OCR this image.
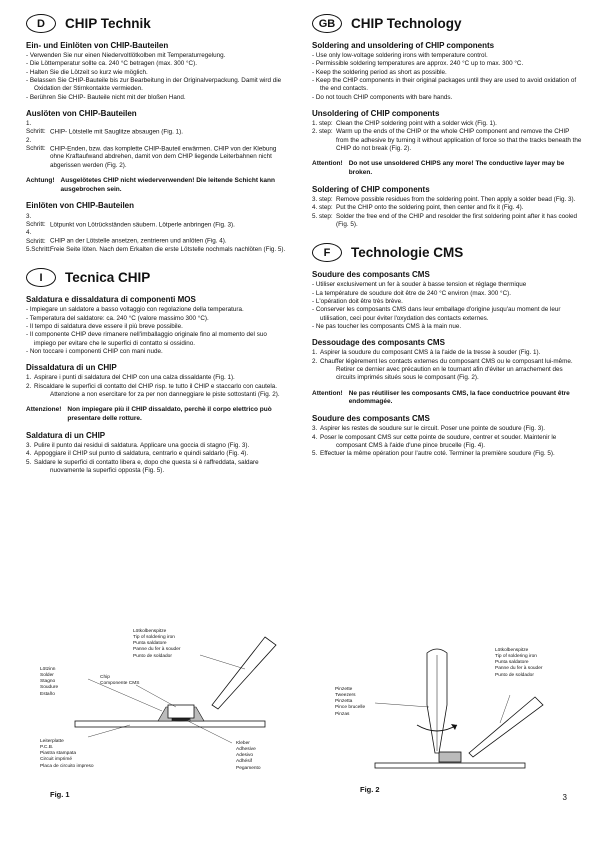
D	CHIP Technik
Ein- und Einlöten von CHIP-Bauteilen
- Verwenden Sie nur einen Niedervoltlötkolben mit Temperaturregelung.
- Die Löttemperatur sollte ca. 240 °C betragen (max. 300 °C).
- Halten Sie die Lötzeit so kurz wie möglich.
- Belassen Sie CHIP-Bauteile bis zur Bearbeitung in der Originalverpackung. Damit wird die Oxidation der Stirnkontakte vermieden.
- Berühren Sie CHIP- Bauteile nicht mit der bloßen Hand.
Auslöten von CHIP-Bauteilen
1. Schritt: CHIP- Lötstelle mit Sauglitze absaugen (Fig. 1).
2. Schritt: CHIP-Enden, bzw. das komplette CHIP-Bauteil erwärmen. CHIP von der Klebung ohne Kraftaufwand abdrehen, damit von dem CHIP liegende Leiterbahnen nicht abgerissen werden (Fig. 2).
Achtung! Ausgelötetes CHIP nicht wiederverwenden! Die leitende Schicht kann ausgebrochen sein.
Einlöten von CHIP-Bauteilen
3. Schritt: Lötpunkt von Lötrückständen säubern. Lötperle anbringen (Fig. 3).
4. Schritt: CHIP an der Lötstelle ansetzen, zentrieren und anlöten (Fig. 4).
5.Schritt:Freie Seite löten. Nach dem Erkalten die erste Lötstelle nochmals nachlöten (Fig. 5).
I	Tecnica CHIP
Saldatura e dissaldatura di componenti MOS
- Impiegare un saldatore a basso voltaggio con regolazione della temperatura.
- Temperatura del saldatore: ca. 240 °C (valore massimo 300 °C).
- Il tempo di saldatura deve essere il più breve possibile.
- Il componente CHIP deve rimanere nell'imballaggio originale fino al momento del suo impiego per evitare che le superfici di contatto si ossidino.
- Non toccare i componenti CHIP con mani nude.
Dissaldatura di un CHIP
1. Aspirare i punti di saldatura del CHIP con una calza dissaldante (Fig. 1).
2. Riscaldare le superfici di contatto del CHIP risp. te tutto il CHIP e staccarlo con cautela. Attenzione a non esercitare for za per non danneggiare le piste sottostanti (Fig. 2).
Attenzione! Non impiegare più il CHIP dissaldato, perchè il corpo elettrico può presentare delle rotture.
Saldatura di un CHIP
3. Pulire il punto dai residui di saldatura. Applicare una goccia di stagno (Fig. 3).
4. Appoggiare il CHIP sul punto di saldatura, centrarlo e quindi saldarlo (Fig. 4).
5. Saldare le superfici di contatto libera e, dopo che questa si è raffreddata, saldare nuovamente la superfici opposta (Fig. 5).
GB	CHIP Technology
Soldering and unsoldering of CHIP components
- Use only low-voltage soldering irons with temperature control.
- Permissible soldering temperatures are approx. 240 °C up to max. 300 °C.
- Keep the soldering period as short as possible.
- Keep the CHIP components in their original packages until they are used to avoid oxidation of the end contacts.
- Do not touch CHIP components with bare hands.
Unsoldering of CHIP components
1. step: Clean the CHIP soldering point with a solder wick (Fig. 1).
2. step: Warm up the ends of the CHIP or the whole CHIP component and remove the CHIP from the adhesive by turning it without application of force so that the tracks beneath the CHIP do not break (Fig. 2).
Attention! Do not use unsoldered CHIPS any more! The conductive layer may be broken.
Soldering of CHIP components
3. step: Remove possible residues from the soldering point. Then apply a solder bead (Fig. 3).
4. step: Put the CHIP onto the soldering point, then center and fix it (Fig. 4).
5. step: Solder the free end of the CHIP and resolder the first soldering point after it has cooled (Fig. 5).
F	Technologie CMS
Soudure des composants CMS
- Utiliser exclusivement un fer à souder à basse tension et réglage thermique
- La température de soudure doit être de 240 °C environ (max. 300 °C).
- L'opération doit être très brève.
- Conserver les composants CMS dans leur emballage d'origine jusqu'au moment de leur utilisation, ceci pour éviter l'oxydation des contacts externes.
- Ne pas toucher les composants CMS à la main nue.
Dessoudage des composants CMS
1. Aspirer la soudure du composant CMS à la l'aide de la tresse à souder (Fig. 1).
2. Chauffer légèrement les contacts externes du composant CMS ou le composant lui-même. Retirer ce dernier avec précaution en le tournant afin d'éviter un arrachement des circuits imprimés situés sous le composant (Fig. 2).
Attention! Ne pas réutiliser les composants CMS, la face conductrice pouvant être endommagée.
Soudure des composants CMS
3. Aspirer les restes de soudure sur le circuit. Poser une pointe de soudure (Fig. 3).
4. Poser le composant CMS sur cette pointe de soudure, centrer et souder. Maintenir le composant CMS à l'aide d'une pince brucelle (Fig. 4).
5. Effectuer la même opération pour l'autre coté. Terminer la première soudure (Fig. 5).
Lötkolbenspitze
Tip of soldering iron
Punta saldatore
Panne du fer à souder
Punto de soldador
Lötzinn
Solder
Stagno
Soudure
Estaño
Chip
Componente CMS
Leiterplatte
P.C.B.
Piastra stampata
Circuit imprimé
Placa de circuito impreso
Kleber
Adhesive
Adesivo
Adhésif
Pegamento
Fig. 1
Pinzette
Tweezers
Pinzetta
Pince brucelle
Pinzas
Lötkolbenspitze
Tip of soldering iron
Punta saldatore
Panne du fer à souder
Punto de soldador
Fig. 2
3
